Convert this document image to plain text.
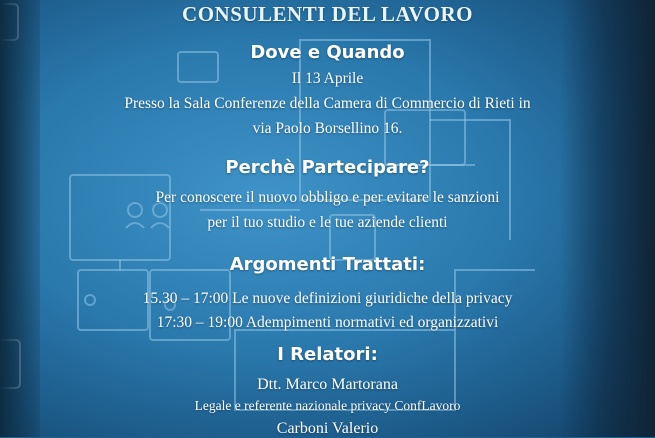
CONSULENTI DEL LAVORO
Dove e Quando
Il 13 Aprile
Presso la Sala Conferenze della Camera di Commercio di Rieti in
via Paolo Borsellino 16.
Perchè Partecipare?
Per conoscere il nuovo obbligo e per evitare le sanzioni
per il tuo studio e le tue aziende clienti
Argomenti Trattati:
15.30 – 17:00 Le nuove definizioni giuridiche della privacy
17:30 – 19:00 Adempimenti normativi ed organizzativi
I Relatori:
Dtt. Marco Martorana
Legale e referente nazionale privacy ConfLavoro
Carboni Valerio
